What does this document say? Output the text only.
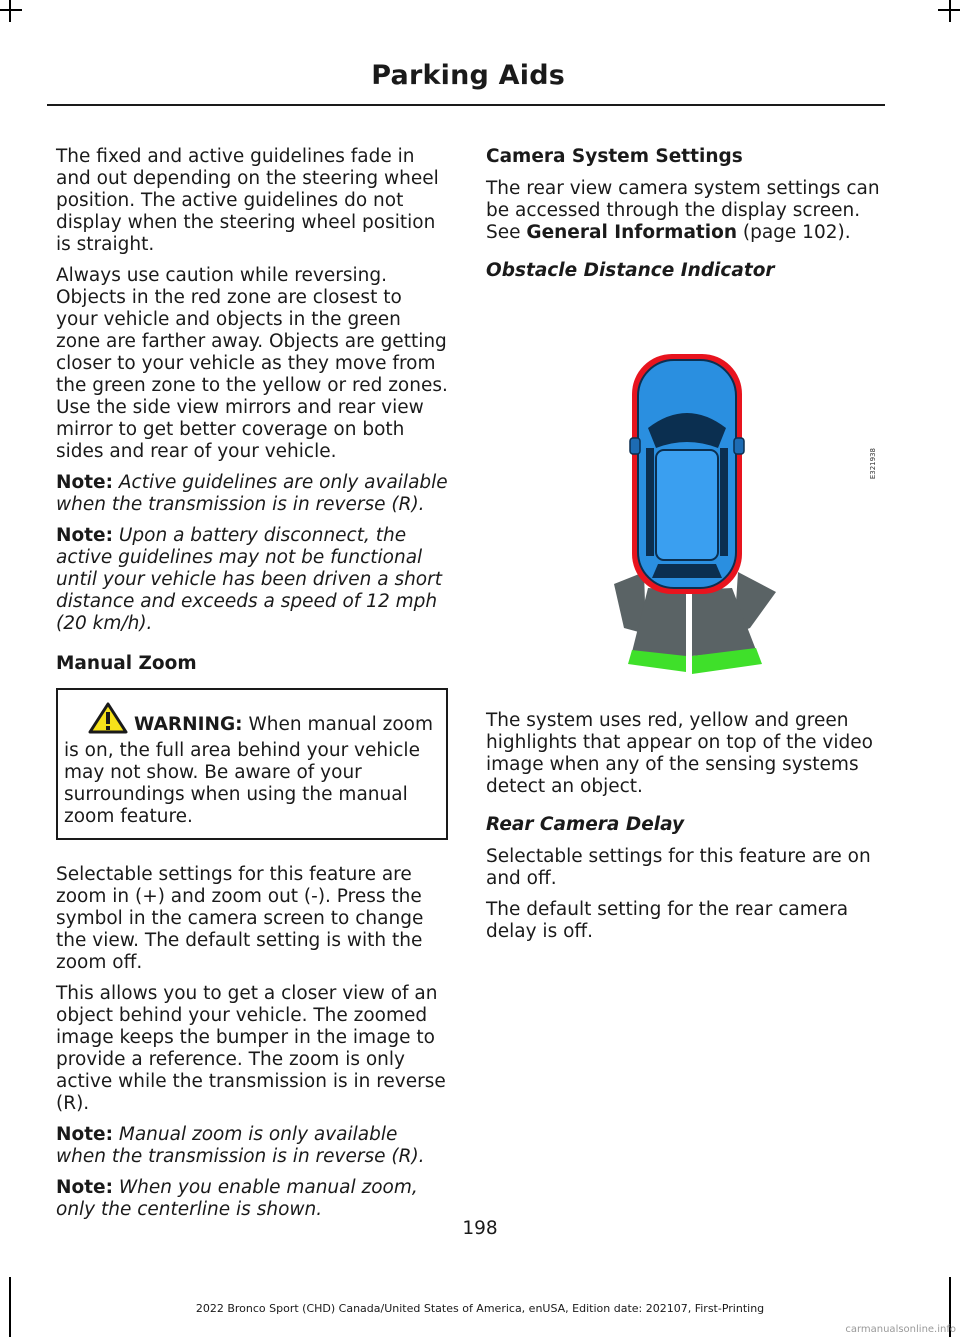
Parking Aids

The fixed and active guidelines fade in and out depending on the steering wheel position. The active guidelines do not display when the steering wheel position is straight.

Always use caution while reversing. Objects in the red zone are closest to your vehicle and objects in the green zone are farther away. Objects are getting closer to your vehicle as they move from the green zone to the yellow or red zones. Use the side view mirrors and rear view mirror to get better coverage on both sides and rear of your vehicle.

Note: Active guidelines are only available when the transmission is in reverse (R).

Note: Upon a battery disconnect, the active guidelines may not be functional until your vehicle has been driven a short distance and exceeds a speed of 12 mph (20 km/h).

Manual Zoom
WARNING: When manual zoom is on, the full area behind your vehicle may not show. Be aware of your surroundings when using the manual zoom feature.

Selectable settings for this feature are zoom in (+) and zoom out (-). Press the symbol in the camera screen to change the view. The default setting is with the zoom off.

This allows you to get a closer view of an object behind your vehicle. The zoomed image keeps the bumper in the image to provide a reference. The zoom is only active while the transmission is in reverse (R).

Note: Manual zoom is only available when the transmission is in reverse (R).

Note: When you enable manual zoom, only the centerline is shown.

Camera System Settings

The rear view camera system settings can be accessed through the display screen. See General Information (page 102).

Obstacle Distance Indicator
E321938

The system uses red, yellow and green highlights that appear on top of the video image when any of the sensing systems detect an object.

Rear Camera Delay

Selectable settings for this feature are on and off.

The default setting for the rear camera delay is off.

198
2022 Bronco Sport (CHD) Canada/United States of America, enUSA, Edition date: 202107, First-Printing
carmanualsonline.info
